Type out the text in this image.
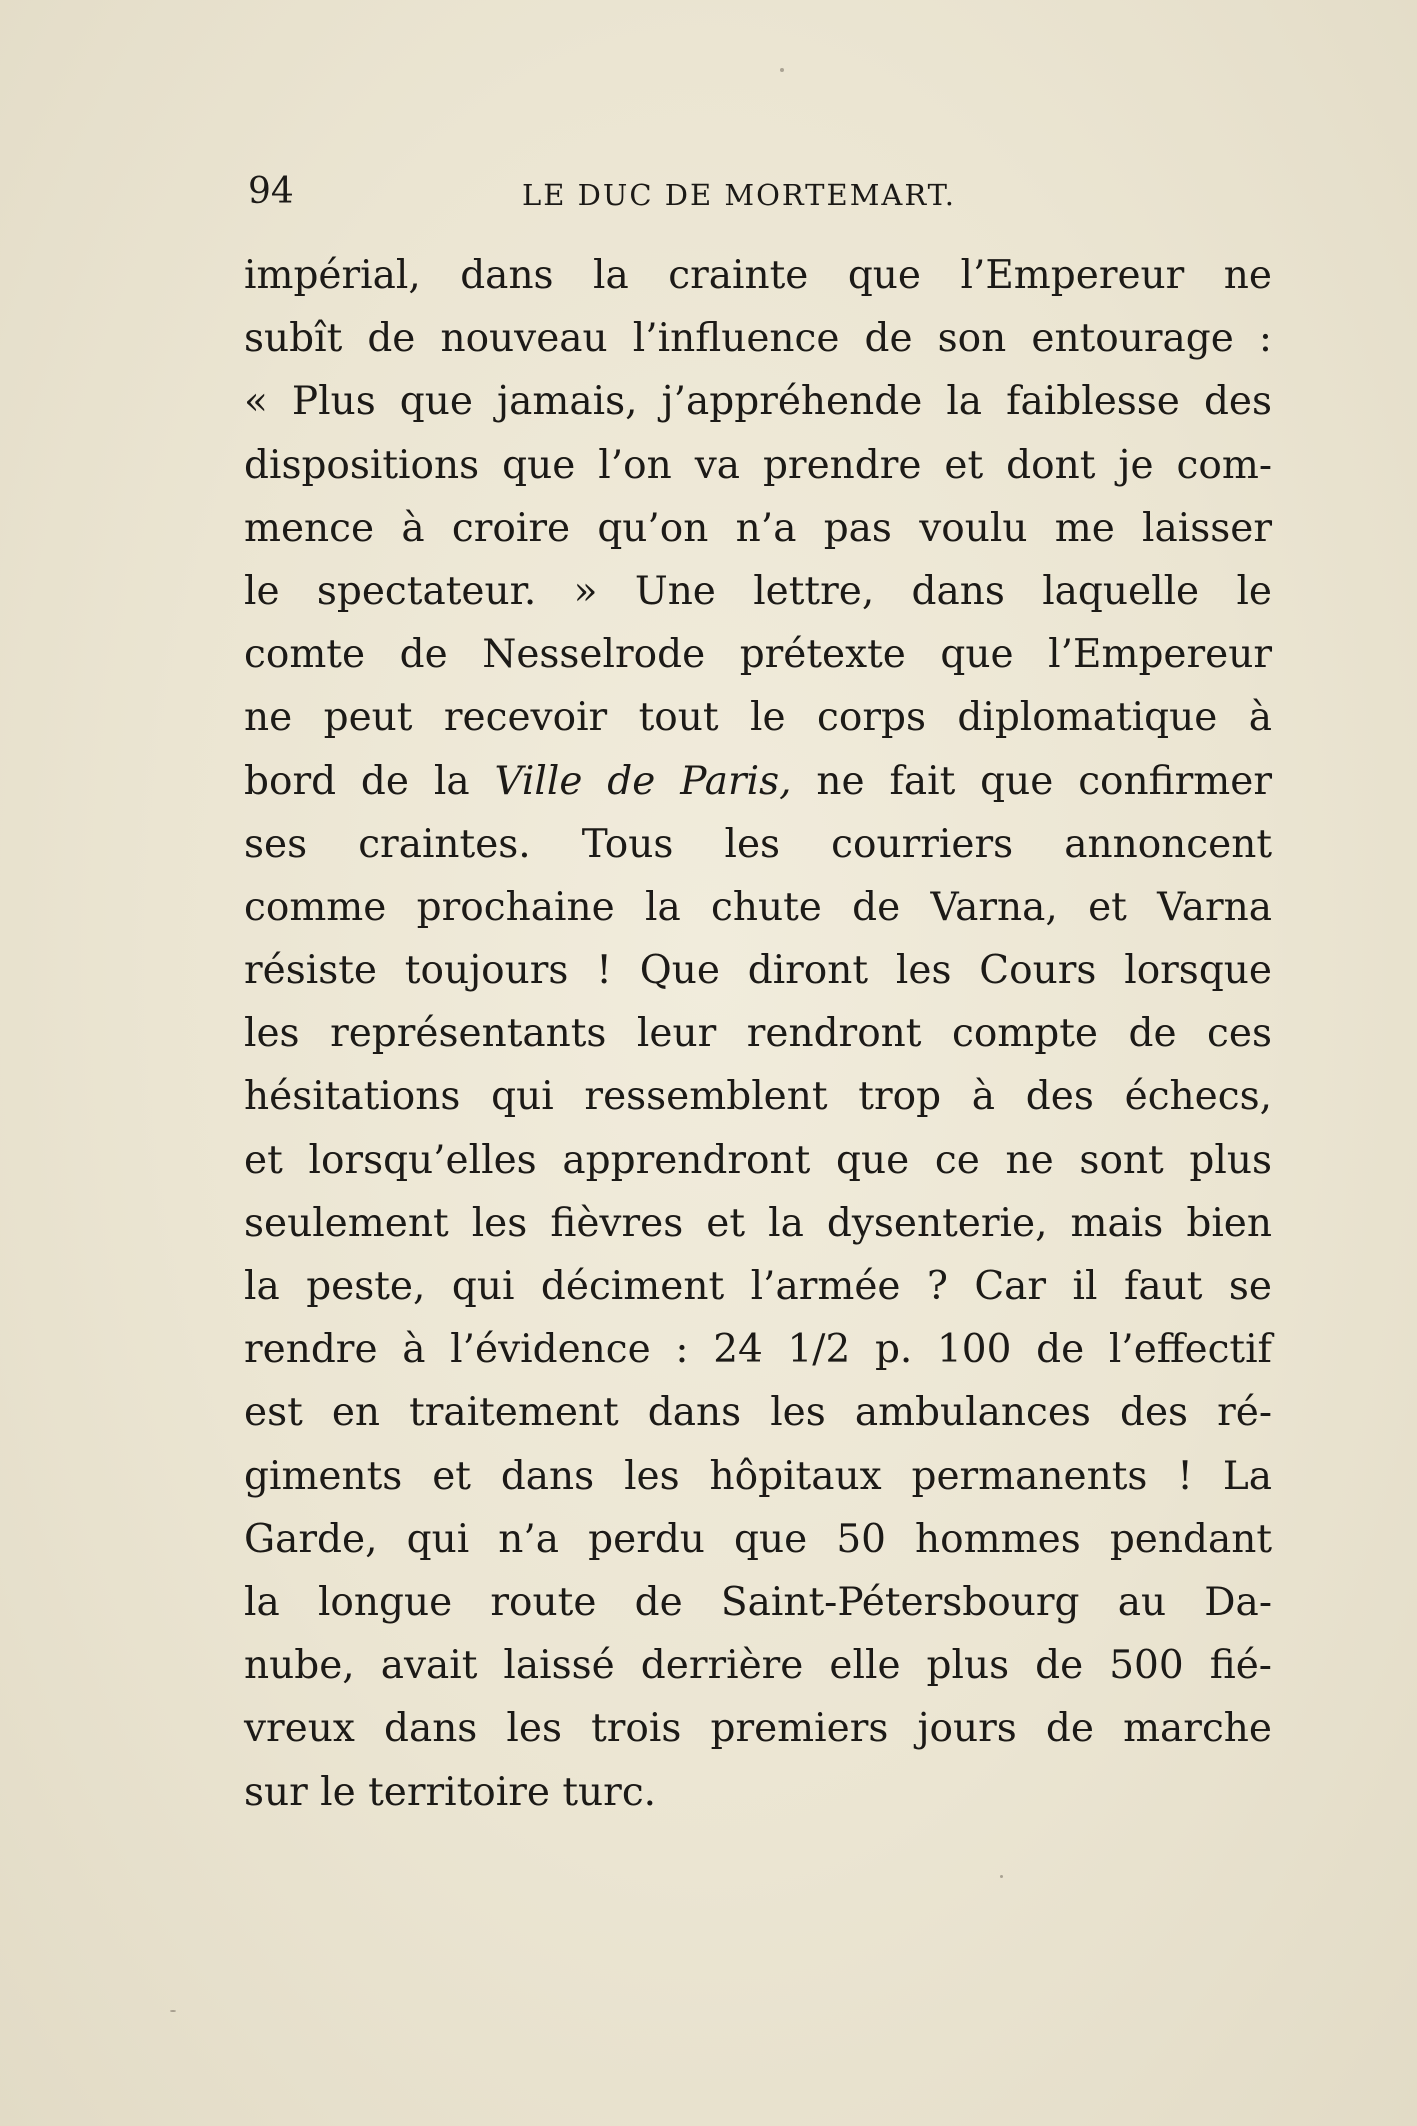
94	LE DUC DE MORTEMART.
impérial, dans la crainte que l’Empereur ne
subît de nouveau l’influence de son entourage :
« Plus que jamais, j’appréhende la faiblesse des
dispositions que l’on va prendre et dont je com-
mence à croire qu’on n’a pas voulu me laisser
le spectateur. » Une lettre, dans laquelle le
comte de Nesselrode prétexte que l’Empereur
ne peut recevoir tout le corps diplomatique à
bord de la Ville de Paris, ne fait que confirmer
ses craintes. Tous les courriers annoncent
comme prochaine la chute de Varna, et Varna
résiste toujours ! Que diront les Cours lorsque
les représentants leur rendront compte de ces
hésitations qui ressemblent trop à des échecs,
et lorsqu’elles apprendront que ce ne sont plus
seulement les fièvres et la dysenterie, mais bien
la peste, qui déciment l’armée ? Car il faut se
rendre à l’évidence : 24 1/2 p. 100 de l’effectif
est en traitement dans les ambulances des ré-
giments et dans les hôpitaux permanents ! La
Garde, qui n’a perdu que 50 hommes pendant
la longue route de Saint-Pétersbourg au Da-
nube, avait laissé derrière elle plus de 500 fié-
vreux dans les trois premiers jours de marche
sur le territoire turc.
